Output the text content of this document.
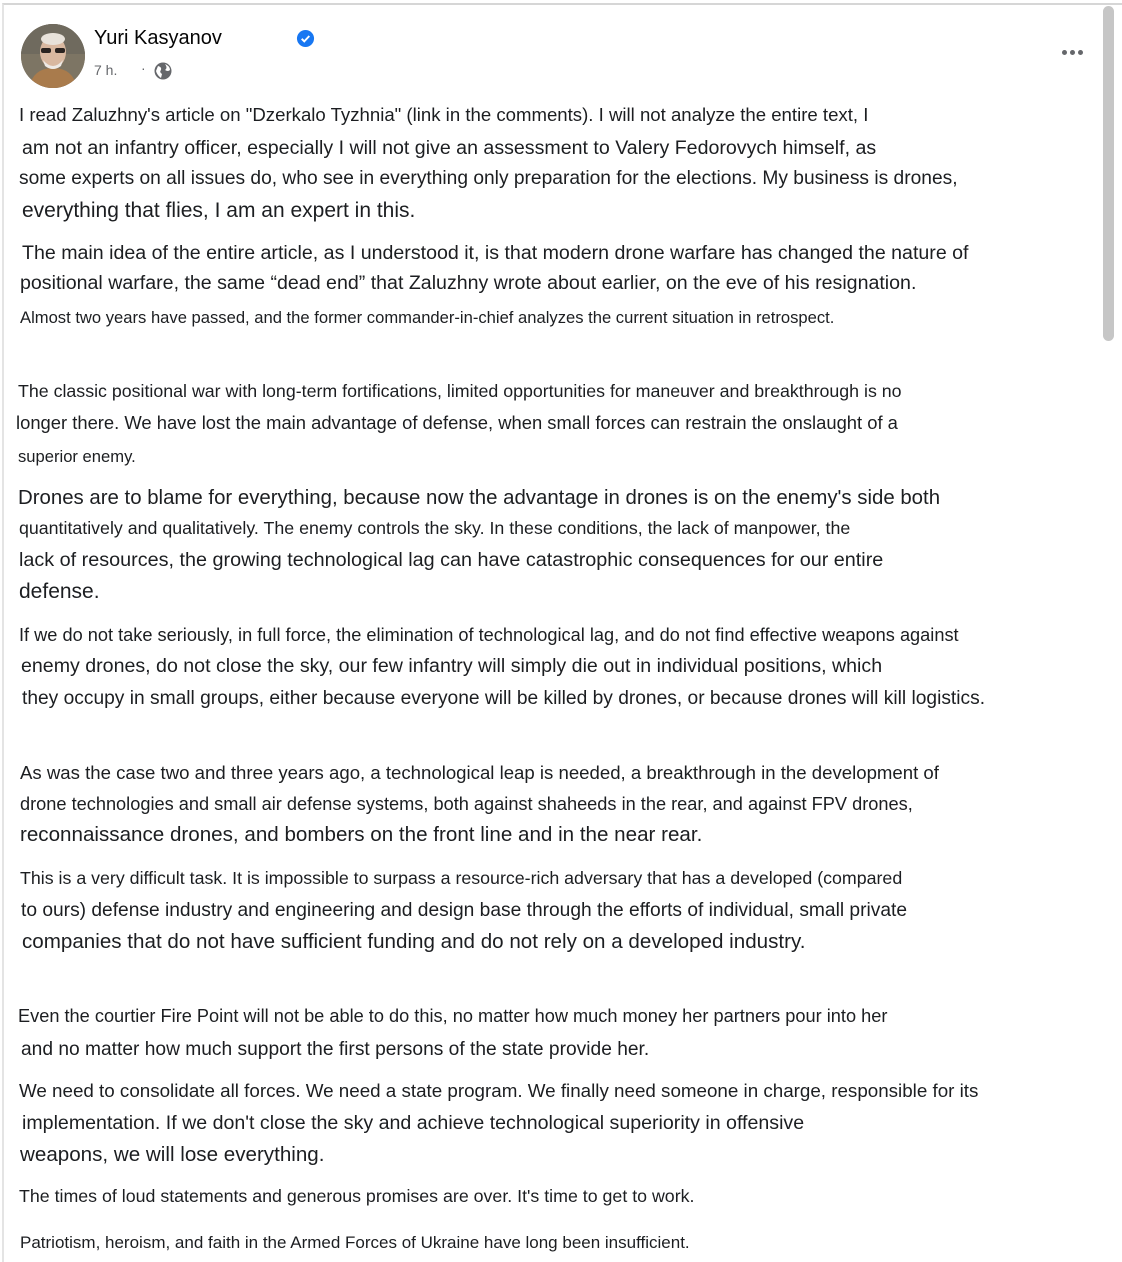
Yuri Kasyanov
7 h. ·
I read Zaluzhny's article on "Dzerkalo Tyzhnia" (link in the comments). I will not analyze the entire text, I
am not an infantry officer, especially I will not give an assessment to Valery Fedorovych himself, as
some experts on all issues do, who see in everything only preparation for the elections. My business is drones,
everything that flies, I am an expert in this.
The main idea of the entire article, as I understood it, is that modern drone warfare has changed the nature of
positional warfare, the same “dead end” that Zaluzhny wrote about earlier, on the eve of his resignation.
Almost two years have passed, and the former commander-in-chief analyzes the current situation in retrospect.
The classic positional war with long-term fortifications, limited opportunities for maneuver and breakthrough is no
longer there. We have lost the main advantage of defense, when small forces can restrain the onslaught of a
superior enemy.
Drones are to blame for everything, because now the advantage in drones is on the enemy's side both
quantitatively and qualitatively. The enemy controls the sky. In these conditions, the lack of manpower, the
lack of resources, the growing technological lag can have catastrophic consequences for our entire
defense.
If we do not take seriously, in full force, the elimination of technological lag, and do not find effective weapons against
enemy drones, do not close the sky, our few infantry will simply die out in individual positions, which
they occupy in small groups, either because everyone will be killed by drones, or because drones will kill logistics.
As was the case two and three years ago, a technological leap is needed, a breakthrough in the development of
drone technologies and small air defense systems, both against shaheeds in the rear, and against FPV drones,
reconnaissance drones, and bombers on the front line and in the near rear.
This is a very difficult task. It is impossible to surpass a resource-rich adversary that has a developed (compared
to ours) defense industry and engineering and design base through the efforts of individual, small private
companies that do not have sufficient funding and do not rely on a developed industry.
Even the courtier Fire Point will not be able to do this, no matter how much money her partners pour into her
and no matter how much support the first persons of the state provide her.
We need to consolidate all forces. We need a state program. We finally need someone in charge, responsible for its
implementation. If we don't close the sky and achieve technological superiority in offensive
weapons, we will lose everything.
The times of loud statements and generous promises are over. It's time to get to work.
Patriotism, heroism, and faith in the Armed Forces of Ukraine have long been insufficient.
